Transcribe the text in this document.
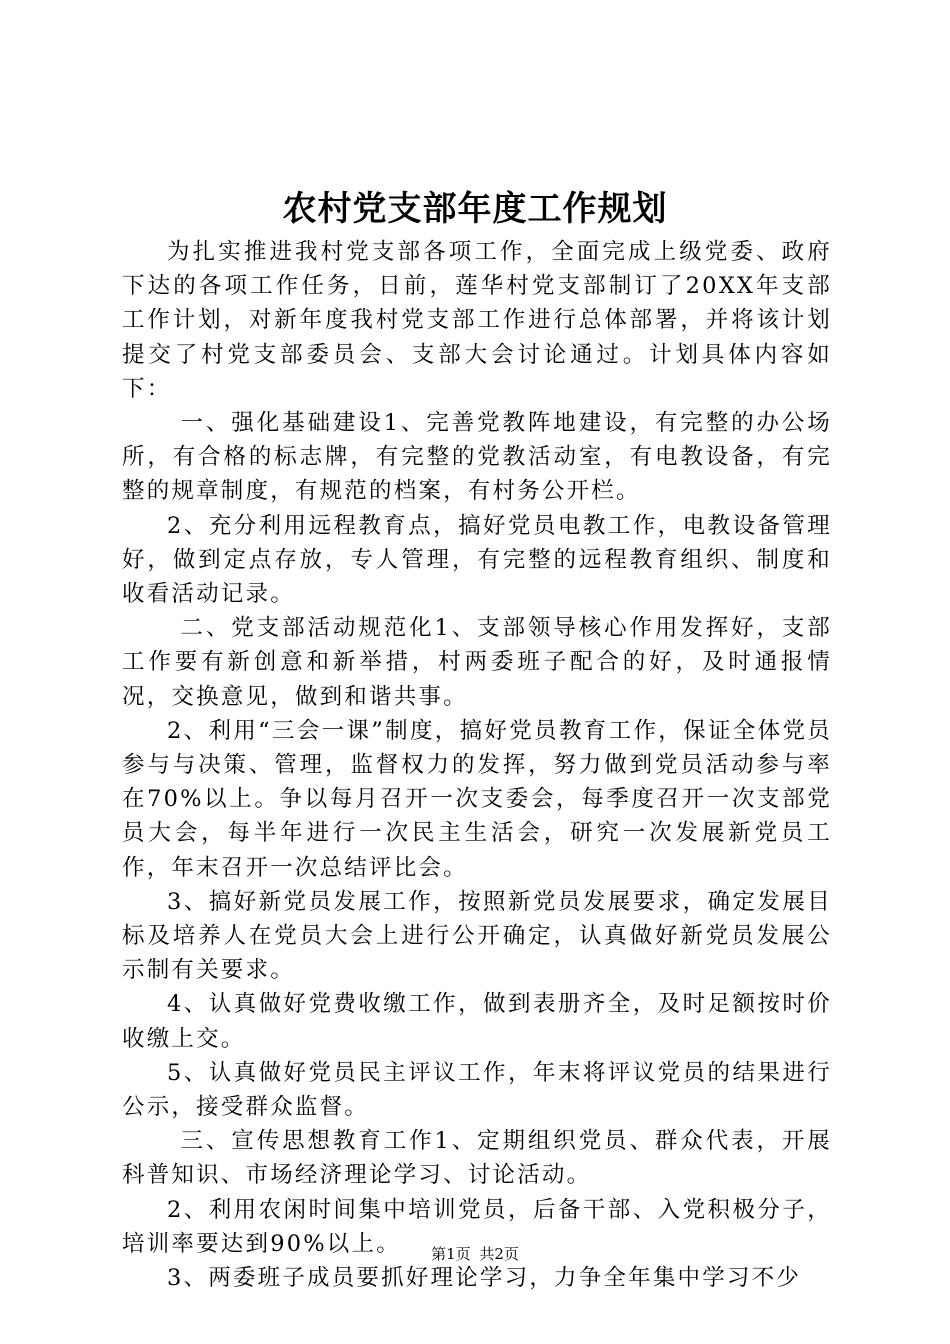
农村党支部年度工作规划

为扎实推进我村党支部各项工作，全面完成上级党委、政府下达的各项工作任务，日前，莲华村党支部制订了20XX年支部工作计划，对新年度我村党支部工作进行总体部署，并将该计划提交了村党支部委员会、支部大会讨论通过。计划具体内容如下：

一、强化基础建设1、完善党教阵地建设，有完整的办公场所，有合格的标志牌，有完整的党教活动室，有电教设备，有完整的规章制度，有规范的档案，有村务公开栏。

2、充分利用远程教育点，搞好党员电教工作，电教设备管理好，做到定点存放，专人管理，有完整的远程教育组织、制度和收看活动记录。

二、党支部活动规范化1、支部领导核心作用发挥好，支部工作要有新创意和新举措，村两委班子配合的好，及时通报情况，交换意见，做到和谐共事。

2、利用“三会一课”制度，搞好党员教育工作，保证全体党员参与与决策、管理，监督权力的发挥，努力做到党员活动参与率在70%以上。争以每月召开一次支委会，每季度召开一次支部党员大会，每半年进行一次民主生活会，研究一次发展新党员工作，年末召开一次总结评比会。

3、搞好新党员发展工作，按照新党员发展要求，确定发展目标及培养人在党员大会上进行公开确定，认真做好新党员发展公示制有关要求。

4、认真做好党费收缴工作，做到表册齐全，及时足额按时价收缴上交。

5、认真做好党员民主评议工作，年末将评议党员的结果进行公示，接受群众监督。

三、宣传思想教育工作1、定期组织党员、群众代表，开展科普知识、市场经济理论学习、讨论活动。

2、利用农闲时间集中培训党员，后备干部、入党积极分子，培训率要达到90%以上。

3、两委班子成员要抓好理论学习，力争全年集中学习不少

第1页 共2页
